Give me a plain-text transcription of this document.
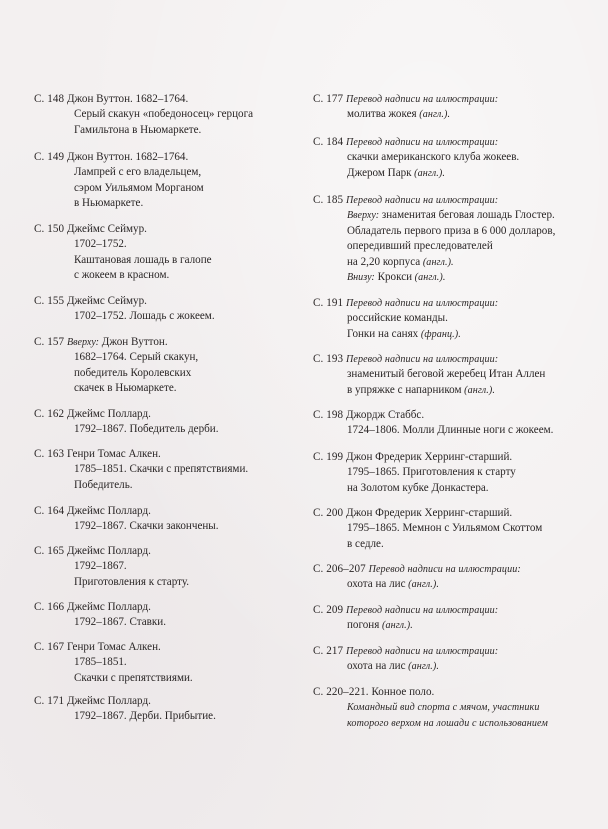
С. 148 Джон Вуттон. 1682–1764.
Серый скакун «победоносец» герцога
Гамильтона в Ньюмаркете.
С. 149 Джон Вуттон. 1682–1764.
Лампрей с его владельцем,
сэром Уильямом Морганом
в Ньюмаркете.
С. 150 Джеймс Сеймур.
1702–1752.
Каштановая лошадь в галопе
с жокеем в красном.
С. 155 Джеймс Сеймур.
1702–1752. Лошадь с жокеем.
С. 157 Вверху: Джон Вуттон.
1682–1764. Серый скакун,
победитель Королевских
скачек в Ньюмаркете.
С. 162 Джеймс Поллард.
1792–1867. Победитель дерби.
С. 163 Генри Томас Алкен.
1785–1851. Скачки с препятствиями.
Победитель.
С. 164 Джеймс Поллард.
1792–1867. Скачки закончены.
С. 165 Джеймс Поллард.
1792–1867.
Приготовления к старту.
С. 166 Джеймс Поллард.
1792–1867. Ставки.
С. 167 Генри Томас Алкен.
1785–1851.
Скачки с препятствиями.
С. 171 Джеймс Поллард.
1792–1867. Дерби. Прибытие.
С. 177 Перевод надписи на иллюстрации:
молитва жокея (англ.).
С. 184 Перевод надписи на иллюстрации:
скачки американского клуба жокеев.
Джером Парк (англ.).
С. 185 Перевод надписи на иллюстрации:
Вверху: знаменитая беговая лошадь Глостер.
Обладатель первого приза в 6 000 долларов,
опередивший преследователей
на 2,20 корпуса (англ.).
Внизу: Крокси (англ.).
С. 191 Перевод надписи на иллюстрации:
российские команды.
Гонки на санях (франц.).
С. 193 Перевод надписи на иллюстрации:
знаменитый беговой жеребец Итан Аллен
в упряжке с напарником (англ.).
С. 198 Джордж Стаббс.
1724–1806. Молли Длинные ноги с жокеем.
С. 199 Джон Фредерик Херринг-старший.
1795–1865. Приготовления к старту
на Золотом кубке Донкастера.
С. 200 Джон Фредерик Херринг-старший.
1795–1865. Мемнон с Уильямом Скоттом
в седле.
С. 206–207 Перевод надписи на иллюстрации:
охота на лис (англ.).
С. 209 Перевод надписи на иллюстрации:
погоня (англ.).
С. 217 Перевод надписи на иллюстрации:
охота на лис (англ.).
С. 220–221. Конное поло.
Командный вид спорта с мячом, участники
которого верхом на лошади с использованием
